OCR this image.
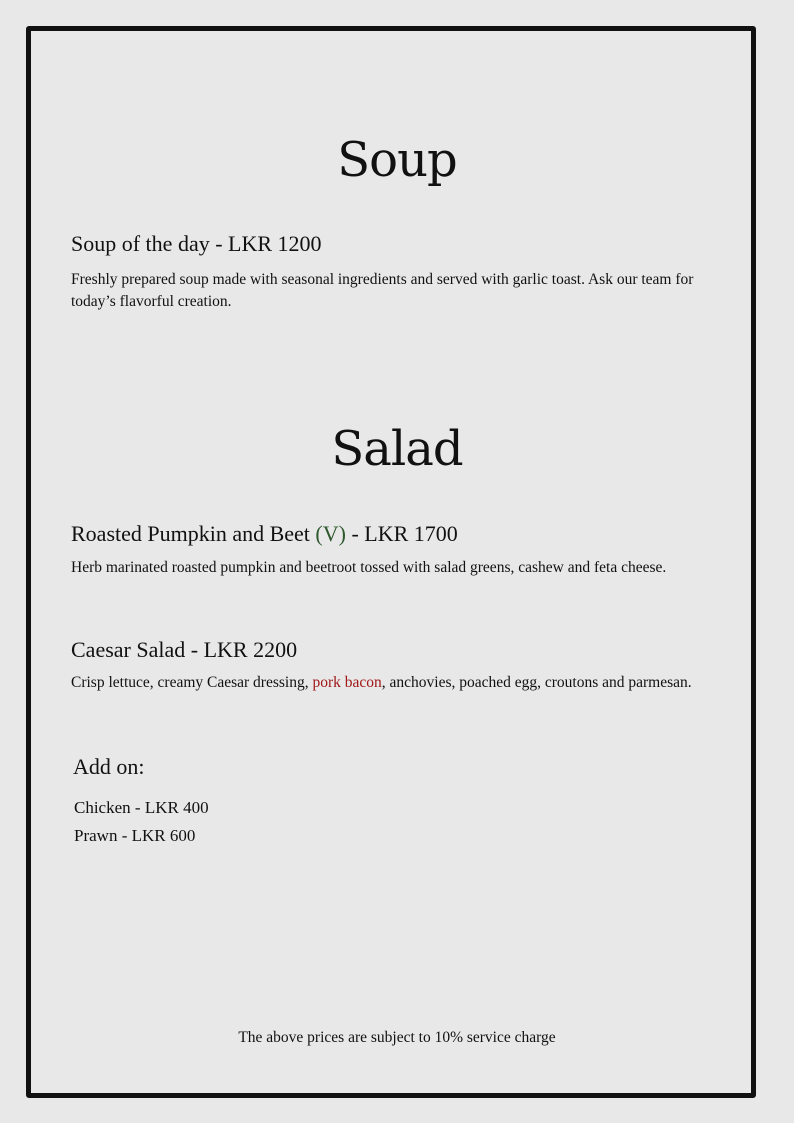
Soup
Soup of the day - LKR 1200

Freshly prepared soup made with seasonal ingredients and served with garlic toast. Ask our team for today’s flavorful creation.

Salad
Roasted Pumpkin and Beet (V) - LKR 1700

Herb marinated roasted pumpkin and beetroot tossed with salad greens, cashew and feta cheese.

Caesar Salad - LKR 2200

Crisp lettuce, creamy Caesar dressing, pork bacon, anchovies, poached egg, croutons and parmesan.

Add on:
Chicken - LKR 400
Prawn - LKR 600

The above prices are subject to 10% service charge
